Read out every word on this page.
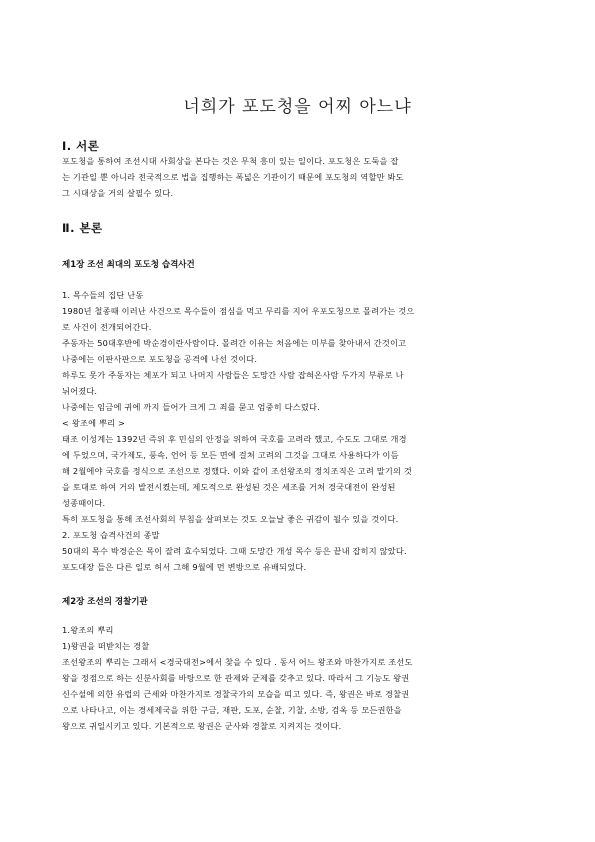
너희가 포도청을 어찌 아느냐
Ⅰ. 서론
포도청을 통하여 조선시대 사회상을 본다는 것은 무척 흥미 있는 일이다. 포도청은 도둑을 잡
는 기관일 뿐 아니라 전국적으로 법을 집행하는 폭넓은 기관이기 때문에 포도청의 역할만 봐도
그 시대상을 거의 살필수 있다.
Ⅱ. 본론
제1장 조선 최대의 포도청 습격사건
1. 목수들의 집단 난동
1980년 철종때 이러난 사건으로 목수들이 점심을 먹고 무리를 지어 우포도청으로 몰려가는 것으
로 사건이 전개되어간다.
주동자는 50대후반에 박순경이란사람이다. 몰려간 이유는 처음에는 미부를 찾아내서 간것이고
나중에는 이판사판으로 포도청을 공격에 나선 것이다.
하루도 못가 주동자는 체포가 되고 나머지 사람들은 도망간 사람 잡혀온사람 두가지 부류로 나
뉘어졌다.
나중에는 임금에 귀에 까지 들어가 크게 그 죄를 묻고 엄중히 다스렸다.
< 왕조에 뿌리 >
태조 이성계는 1392년 즉위 후 민심의 안정을 위하여 국호를 고려라 했고, 수도도 그대로 개경
에 두었으며, 국가제도, 풍속, 언어 등 모든 면에 걸쳐 고려의 그것을 그대로 사용하다가 이듬
해 2월에야 국호를 정식으로 조선으로 정했다. 이와 같이 조선왕조의 정치조직은 고려 말기의 것
을 토대로 하여 거의 발전시켰는데, 제도적으로 완성된 것은 세조를 거쳐 경국대전이 완성된
성종때이다.
특히 포도청을 통해 조선사회의 부침을 살펴보는 것도 오늘날 좋은 귀감이 될수 있을 것이다.
2. 포도청 습격사건의 종말
50대의 목수 박경순은 목이 잘려 효수되었다. 그때 도망간 개성 목수 등은 끝내 잡히지 않았다.
포도대장 들은 다른 일로 허서 그해 9월에 먼 변방으로 유배되었다.
제2장 조선의 경찰기관
1.왕조의 뿌리
1)왕권을 떠받치는 경찰
조선왕조의 뿌리는 그래서 <경국대전>에서 찾을 수 있다 . 동서 어느 왕조와 마찬가지로 조선도
왕을 정점으로 하는 신분사회를 바탕으로 한 관제와 군제를 갖추고 있다. 따라서 그 기능도 왕권
신수설에 의한 유럽의 근세와 마찬가지로 경찰국가의 모습을 띠고 있다. 즉, 왕권은 바로 경찰권
으로 나타나고, 이는 경세제국을 위한 구금, 재판, 도포, 순찰, 기찰, 소방, 검옥 등 모든권한을
왕으로 귀일시키고 있다. 기본적으로 왕권은 군사와 경찰로 지켜지는 것이다.
